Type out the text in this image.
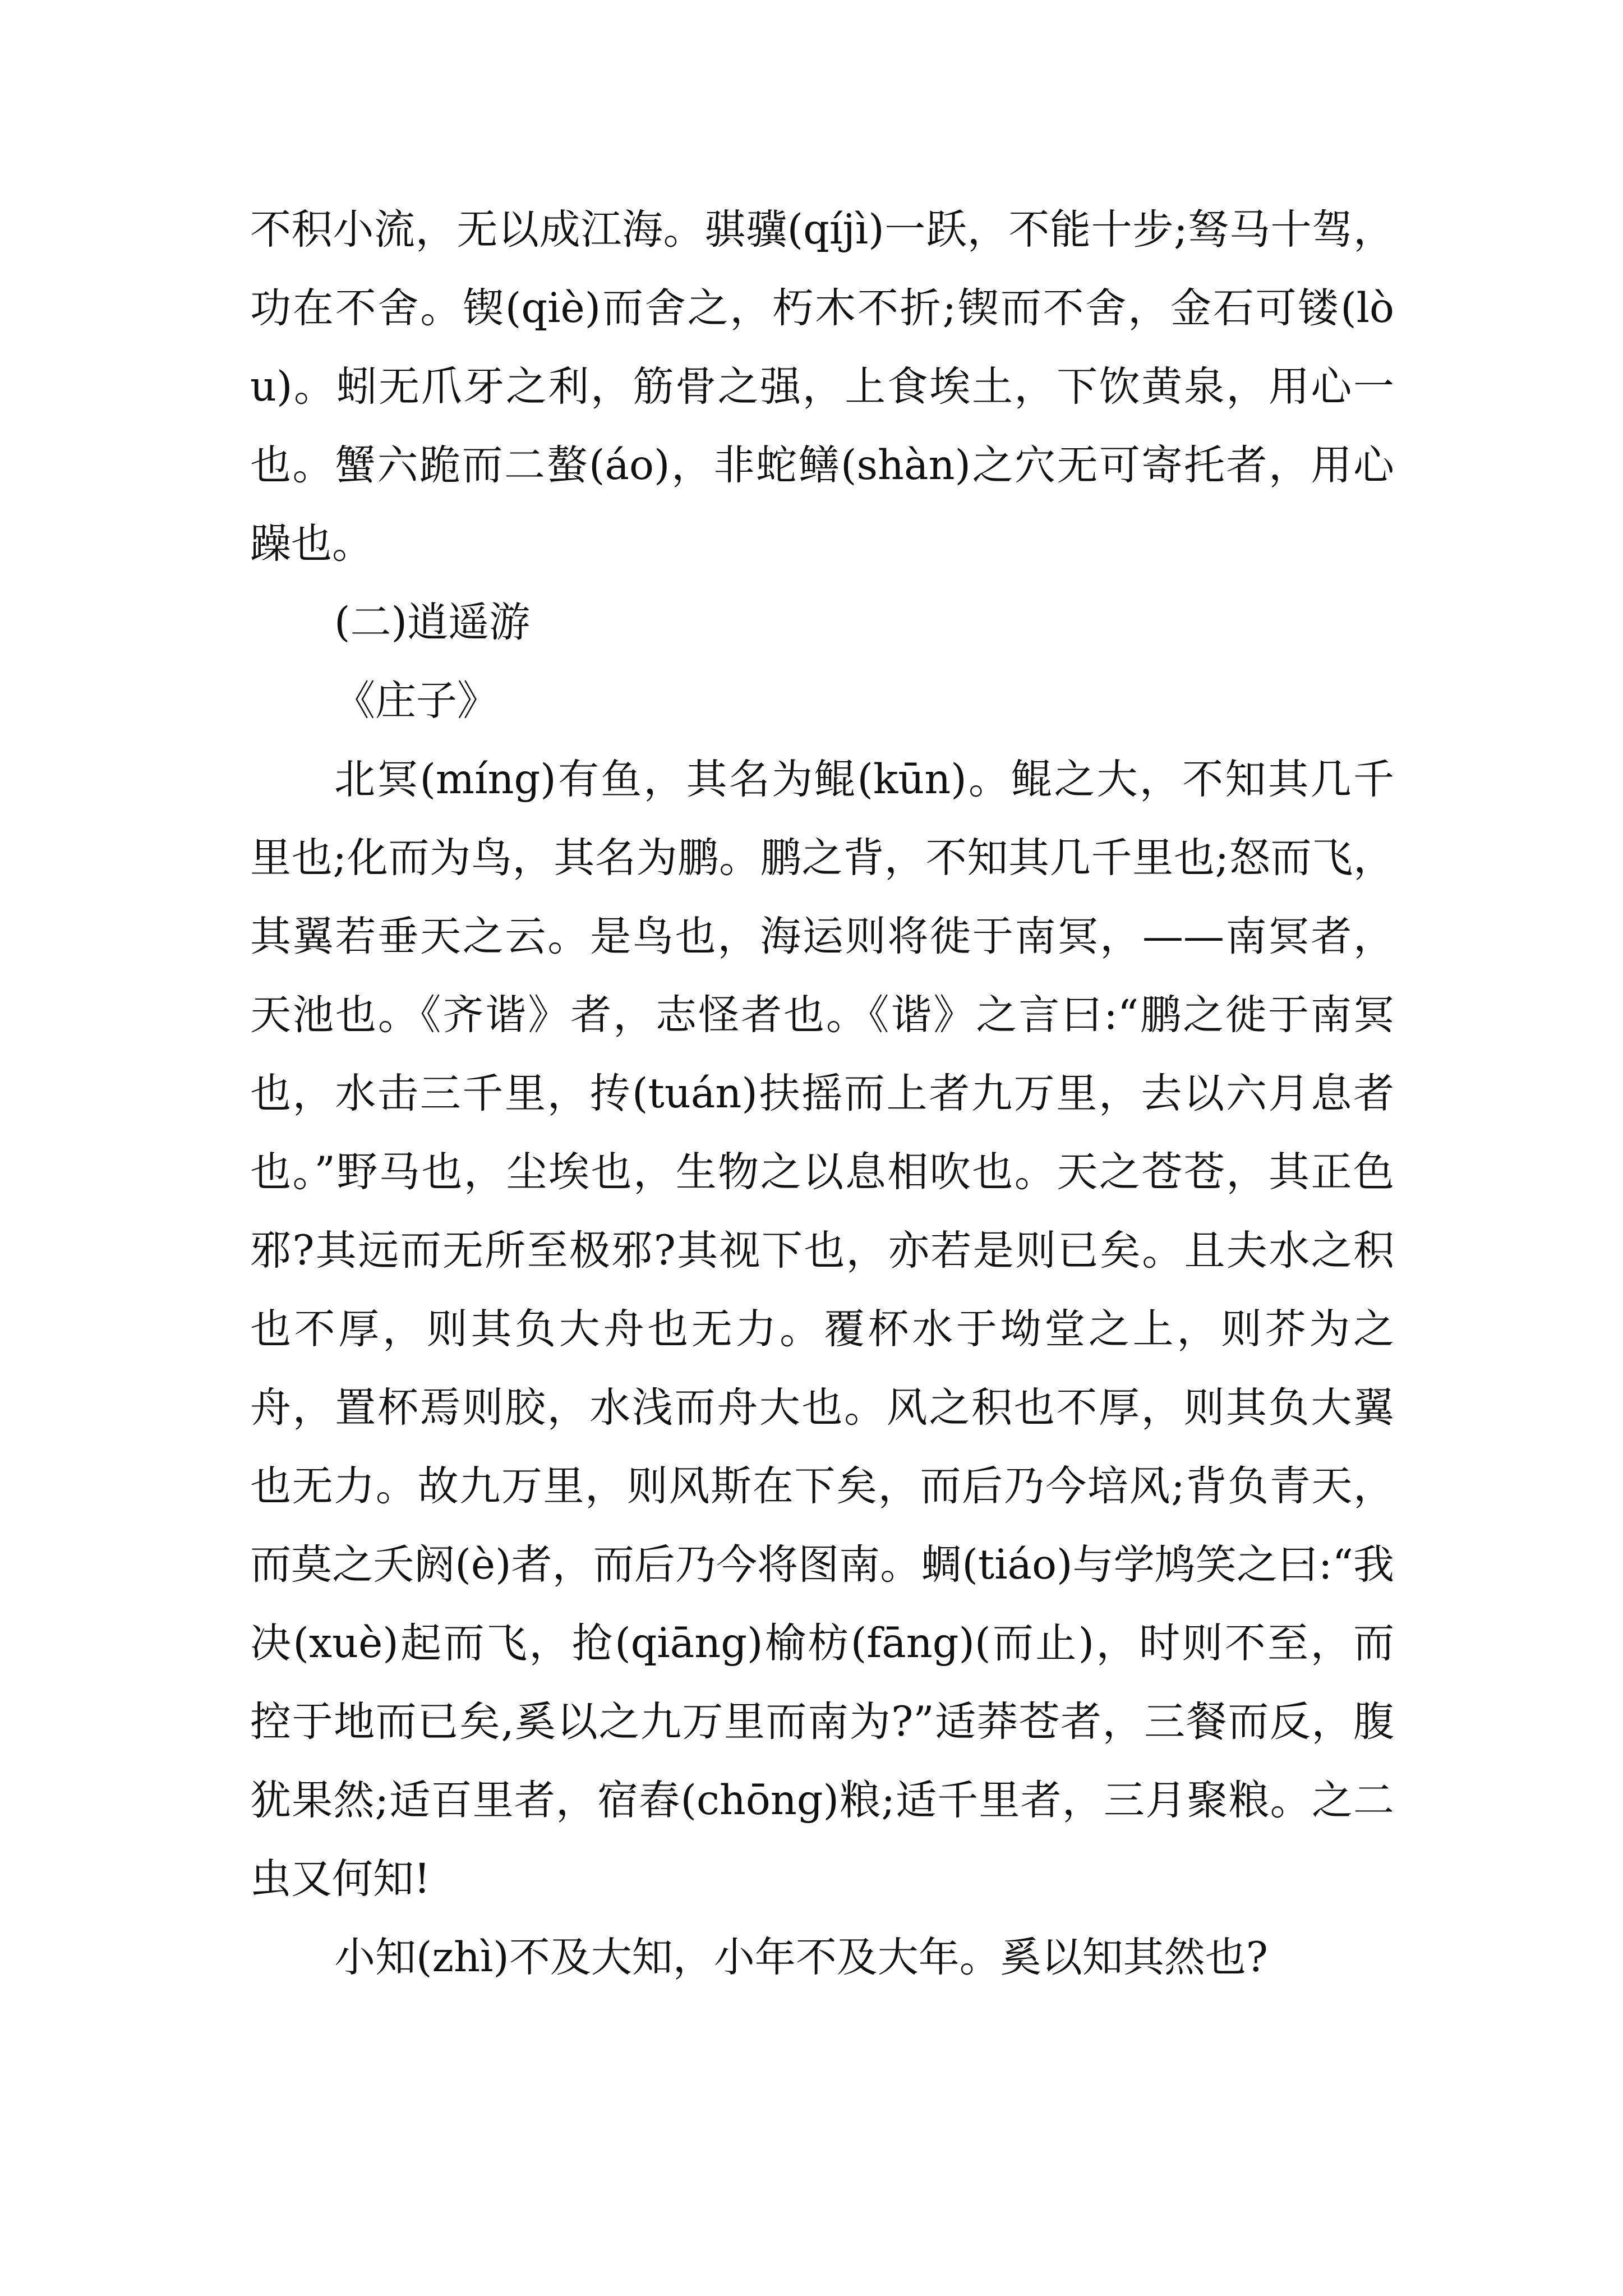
不积小流，无以成江海。骐骥(qíjì)一跃，不能十步;驽马十驾，功在不舍。锲(qiè)而舍之，朽木不折;锲而不舍，金石可镂(lòu)。蚓无爪牙之利，筋骨之强，上食埃土，下饮黄泉，用心一也。蟹六跪而二螯(áo)，非蛇鳝(shàn)之穴无可寄托者，用心躁也。

(二)逍遥游

《庄子》

北冥(míng)有鱼，其名为鲲(kūn)。鲲之大，不知其几千里也;化而为鸟，其名为鹏。鹏之背，不知其几千里也;怒而飞，其翼若垂天之云。是鸟也，海运则将徙于南冥，——南冥者，天池也。《齐谐》者，志怪者也。《谐》之言曰:“鹏之徙于南冥也，水击三千里，抟(tuán)扶摇而上者九万里，去以六月息者也。”野马也，尘埃也，生物之以息相吹也。天之苍苍，其正色邪?其远而无所至极邪?其视下也，亦若是则已矣。且夫水之积也不厚，则其负大舟也无力。覆杯水于坳堂之上，则芥为之舟，置杯焉则胶，水浅而舟大也。风之积也不厚，则其负大翼也无力。故九万里，则风斯在下矣，而后乃今培风;背负青天，而莫之夭阏(è)者，而后乃今将图南。蜩(tiáo)与学鸠笑之曰:“我决(xuè)起而飞，抢(qiāng)榆枋(fāng)(而止)，时则不至，而控于地而已矣,奚以之九万里而南为?”适莽苍者，三餐而反，腹犹果然;适百里者，宿舂(chōng)粮;适千里者，三月聚粮。之二虫又何知!

小知(zhì)不及大知，小年不及大年。奚以知其然也?
